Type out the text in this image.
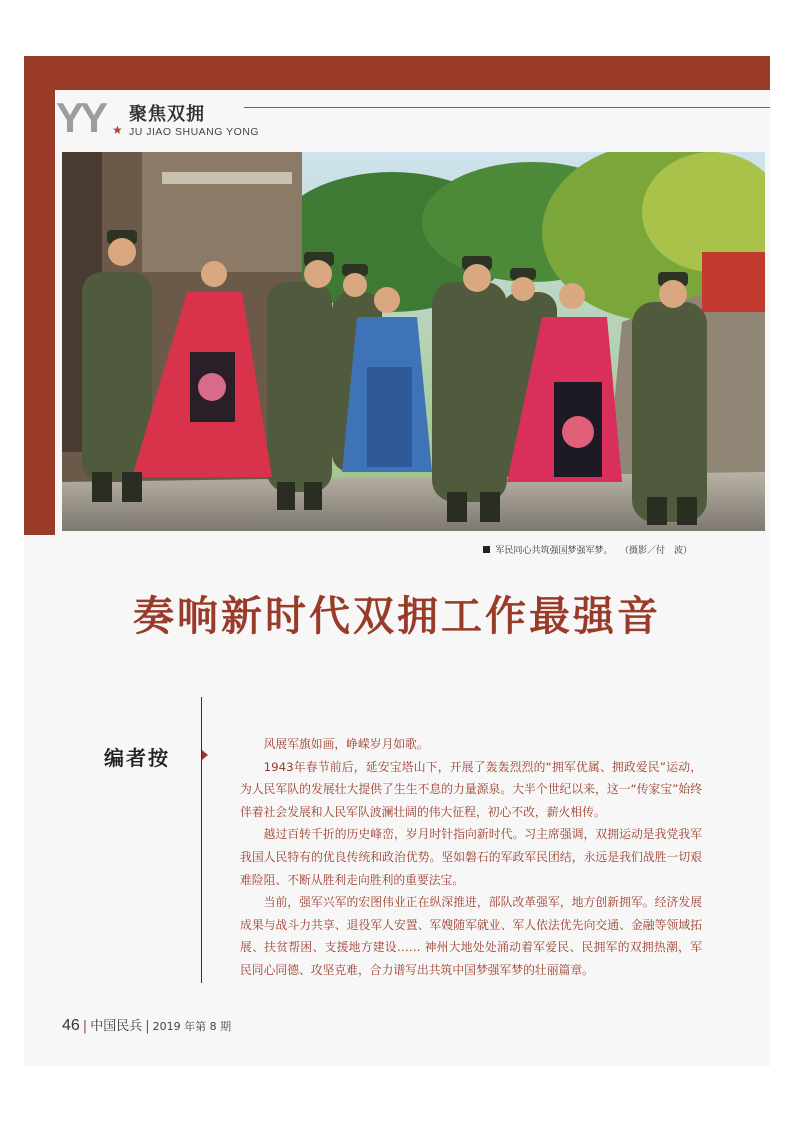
YY ★
聚焦双拥
JU JIAO SHUANG YONG
军民同心共筑强国梦强军梦。 （摄影／付　波）
奏响新时代双拥工作最强音
编者按

风展军旗如画，峥嵘岁月如歌。

1943年春节前后，延安宝塔山下，开展了轰轰烈烈的“拥军优属、拥政爱民”运动，为人民军队的发展壮大提供了生生不息的力量源泉。大半个世纪以来，这一“传家宝”始终伴着社会发展和人民军队波澜壮阔的伟大征程，初心不改，薪火相传。

越过百转千折的历史峰峦，岁月时针指向新时代。习主席强调，双拥运动是我党我军我国人民特有的优良传统和政治优势。坚如磐石的军政军民团结，永远是我们战胜一切艰难险阻、不断从胜利走向胜利的重要法宝。

当前，强军兴军的宏图伟业正在纵深推进，部队改革强军，地方创新拥军。经济发展成果与战斗力共享、退役军人安置、军嫂随军就业、军人依法优先向交通、金融等领域拓展、扶贫帮困、支援地方建设…… 神州大地处处涌动着军爱民、民拥军的双拥热潮，军民同心同德、攻坚克难，合力谱写出共筑中国梦强军梦的壮丽篇章。

46 | 中国民兵 | 2019 年第 8 期
